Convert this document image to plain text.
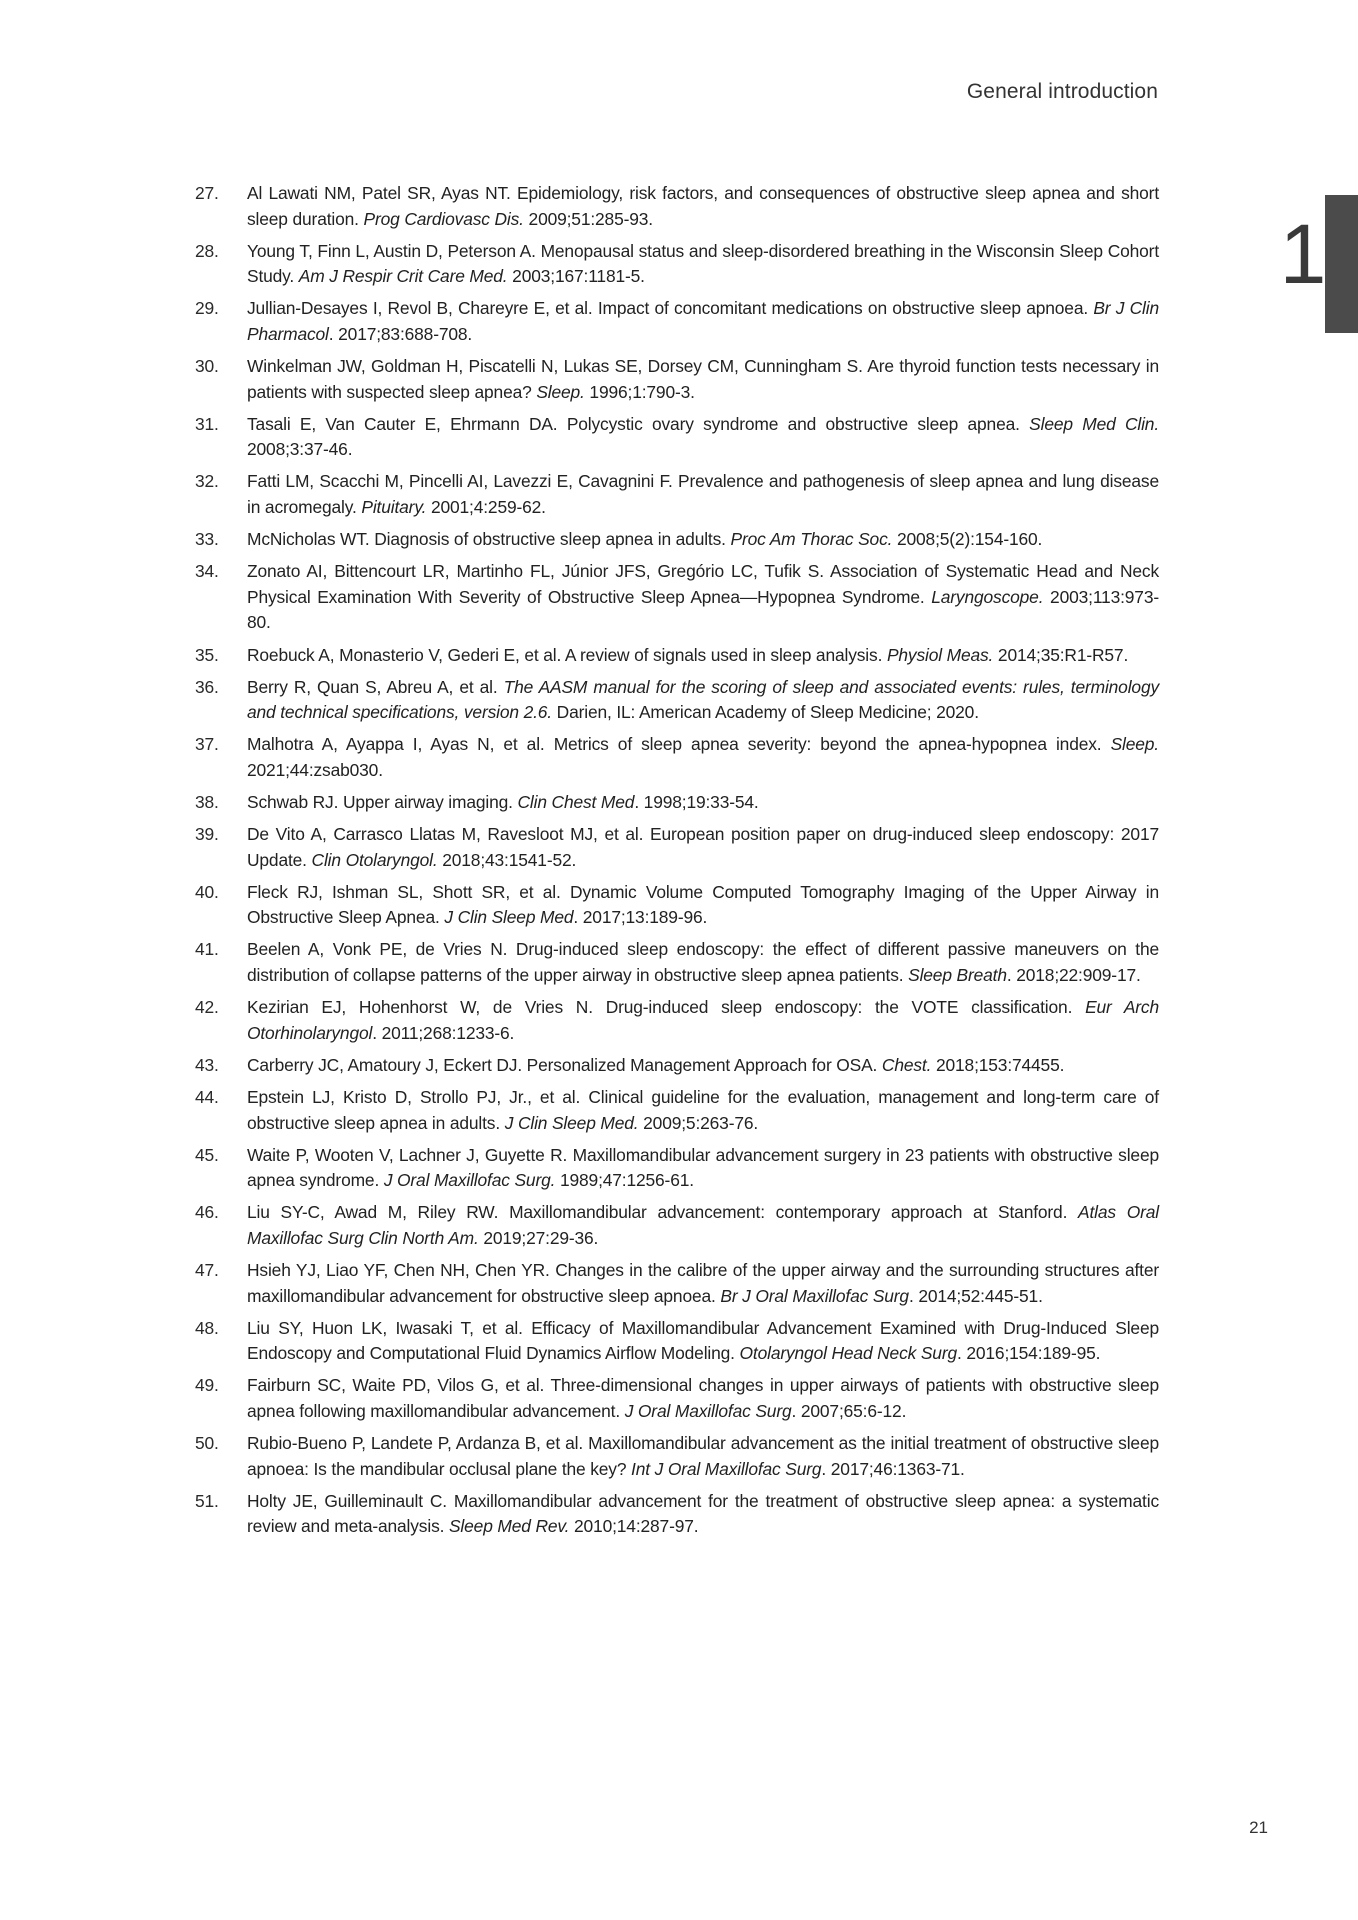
General introduction
1
27.	Al Lawati NM, Patel SR, Ayas NT. Epidemiology, risk factors, and consequences of obstructive sleep apnea and short sleep duration. Prog Cardiovasc Dis. 2009;51:285-93.
28.	Young T, Finn L, Austin D, Peterson A. Menopausal status and sleep-disordered breathing in the Wisconsin Sleep Cohort Study. Am J Respir Crit Care Med. 2003;167:1181-5.
29.	Jullian-Desayes I, Revol B, Chareyre E, et al. Impact of concomitant medications on obstructive sleep apnoea. Br J Clin Pharmacol. 2017;83:688-708.
30.	Winkelman JW, Goldman H, Piscatelli N, Lukas SE, Dorsey CM, Cunningham S. Are thyroid function tests necessary in patients with suspected sleep apnea? Sleep. 1996;1:790-3.
31.	Tasali E, Van Cauter E, Ehrmann DA. Polycystic ovary syndrome and obstructive sleep apnea. Sleep Med Clin. 2008;3:37-46.
32.	Fatti LM, Scacchi M, Pincelli AI, Lavezzi E, Cavagnini F. Prevalence and pathogenesis of sleep apnea and lung disease in acromegaly. Pituitary. 2001;4:259-62.
33.	McNicholas WT. Diagnosis of obstructive sleep apnea in adults. Proc Am Thorac Soc. 2008;5(2):154-160.
34.	Zonato AI, Bittencourt LR, Martinho FL, Júnior JFS, Gregório LC, Tufik S. Association of Systematic Head and Neck Physical Examination With Severity of Obstructive Sleep Apnea—Hypopnea Syndrome. Laryngoscope. 2003;113:973-80.
35.	Roebuck A, Monasterio V, Gederi E, et al. A review of signals used in sleep analysis. Physiol Meas. 2014;35:R1-R57.
36.	Berry R, Quan S, Abreu A, et al. The AASM manual for the scoring of sleep and associated events: rules, terminology and technical specifications, version 2.6. Darien, IL: American Academy of Sleep Medicine; 2020.
37.	Malhotra A, Ayappa I, Ayas N, et al. Metrics of sleep apnea severity: beyond the apnea-hypopnea index. Sleep. 2021;44:zsab030.
38.	Schwab RJ. Upper airway imaging. Clin Chest Med. 1998;19:33-54.
39.	De Vito A, Carrasco Llatas M, Ravesloot MJ, et al. European position paper on drug-induced sleep endoscopy: 2017 Update. Clin Otolaryngol. 2018;43:1541-52.
40.	Fleck RJ, Ishman SL, Shott SR, et al. Dynamic Volume Computed Tomography Imaging of the Upper Airway in Obstructive Sleep Apnea. J Clin Sleep Med. 2017;13:189-96.
41.	Beelen A, Vonk PE, de Vries N. Drug-induced sleep endoscopy: the effect of different passive maneuvers on the distribution of collapse patterns of the upper airway in obstructive sleep apnea patients. Sleep Breath. 2018;22:909-17.
42.	Kezirian EJ, Hohenhorst W, de Vries N. Drug-induced sleep endoscopy: the VOTE classification. Eur Arch Otorhinolaryngol. 2011;268:1233-6.
43.	Carberry JC, Amatoury J, Eckert DJ. Personalized Management Approach for OSA. Chest. 2018;153:74455.
44.	Epstein LJ, Kristo D, Strollo PJ, Jr., et al. Clinical guideline for the evaluation, management and long-term care of obstructive sleep apnea in adults. J Clin Sleep Med. 2009;5:263-76.
45.	Waite P, Wooten V, Lachner J, Guyette R. Maxillomandibular advancement surgery in 23 patients with obstructive sleep apnea syndrome. J Oral Maxillofac Surg. 1989;47:1256-61.
46.	Liu SY-C, Awad M, Riley RW. Maxillomandibular advancement: contemporary approach at Stanford. Atlas Oral Maxillofac Surg Clin North Am. 2019;27:29-36.
47.	Hsieh YJ, Liao YF, Chen NH, Chen YR. Changes in the calibre of the upper airway and the surrounding structures after maxillomandibular advancement for obstructive sleep apnoea. Br J Oral Maxillofac Surg. 2014;52:445-51.
48.	Liu SY, Huon LK, Iwasaki T, et al. Efficacy of Maxillomandibular Advancement Examined with Drug-Induced Sleep Endoscopy and Computational Fluid Dynamics Airflow Modeling. Otolaryngol Head Neck Surg. 2016;154:189-95.
49.	Fairburn SC, Waite PD, Vilos G, et al. Three-dimensional changes in upper airways of patients with obstructive sleep apnea following maxillomandibular advancement. J Oral Maxillofac Surg. 2007;65:6-12.
50.	Rubio-Bueno P, Landete P, Ardanza B, et al. Maxillomandibular advancement as the initial treatment of obstructive sleep apnoea: Is the mandibular occlusal plane the key? Int J Oral Maxillofac Surg. 2017;46:1363-71.
51.	Holty JE, Guilleminault C. Maxillomandibular advancement for the treatment of obstructive sleep apnea: a systematic review and meta-analysis. Sleep Med Rev. 2010;14:287-97.
21
